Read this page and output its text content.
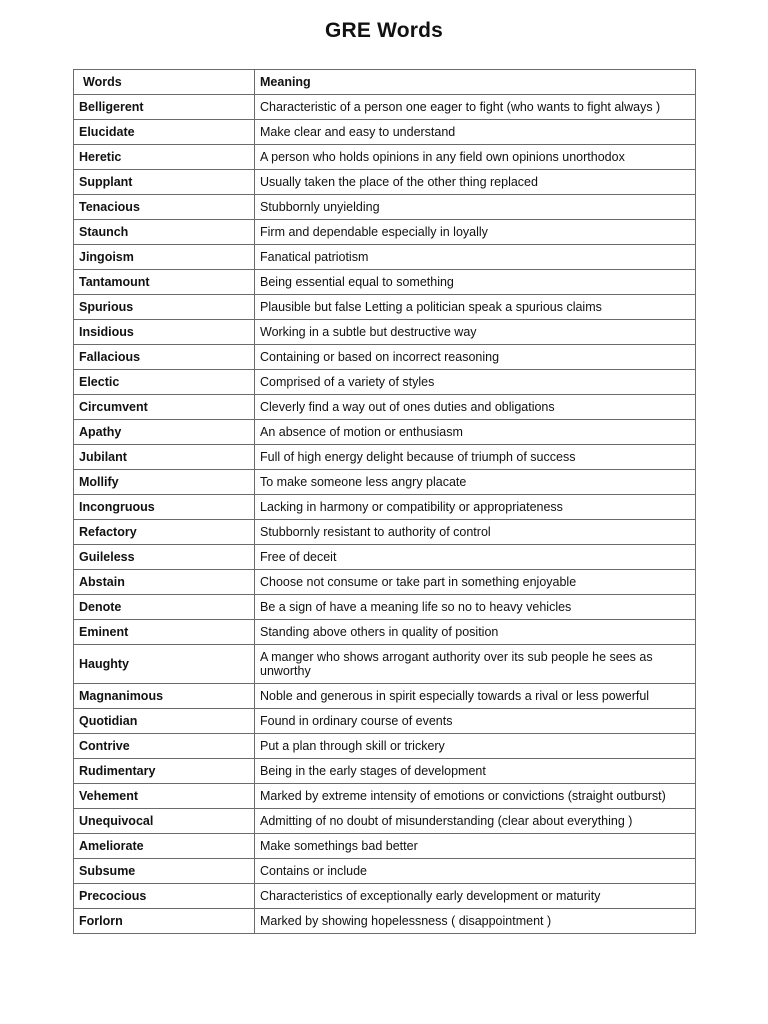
GRE Words
Words	Meaning
Belligerent	Characteristic of a person one eager to fight (who wants to fight always )
Elucidate	Make clear and easy to understand
Heretic	A person who holds opinions in any field own opinions unorthodox
Supplant	Usually taken the place of the other thing replaced
Tenacious	Stubbornly unyielding
Staunch	Firm and dependable especially in loyally
Jingoism	Fanatical patriotism
Tantamount	Being essential equal to something
Spurious	Plausible but false Letting a politician speak a spurious claims
Insidious	Working in a subtle but destructive way
Fallacious	Containing or based on incorrect reasoning
Electic	Comprised of a variety of styles
Circumvent	Cleverly find a way out of ones duties and obligations
Apathy	An absence of motion or enthusiasm
Jubilant	Full of high energy delight because of triumph of success
Mollify	To make someone less angry placate
Incongruous	Lacking in harmony or compatibility or appropriateness
Refactory	Stubbornly resistant to authority of control
Guileless	Free of deceit
Abstain	Choose not consume or take part in something enjoyable
Denote	Be a sign of have a meaning life so no to heavy vehicles
Eminent	Standing above others in quality of position
Haughty	A manger who shows arrogant authority over its sub people he sees as unworthy
Magnanimous	Noble and generous in spirit especially towards a rival or less powerful
Quotidian	Found in ordinary course of events
Contrive	Put a plan through skill or trickery
Rudimentary	Being in the early stages of development
Vehement	Marked by extreme intensity of emotions or convictions (straight outburst)
Unequivocal	Admitting of no doubt of misunderstanding (clear about everything )
Ameliorate	Make somethings bad better
Subsume	Contains or include
Precocious	Characteristics of exceptionally early development or maturity
Forlorn	Marked by showing hopelessness ( disappointment )
